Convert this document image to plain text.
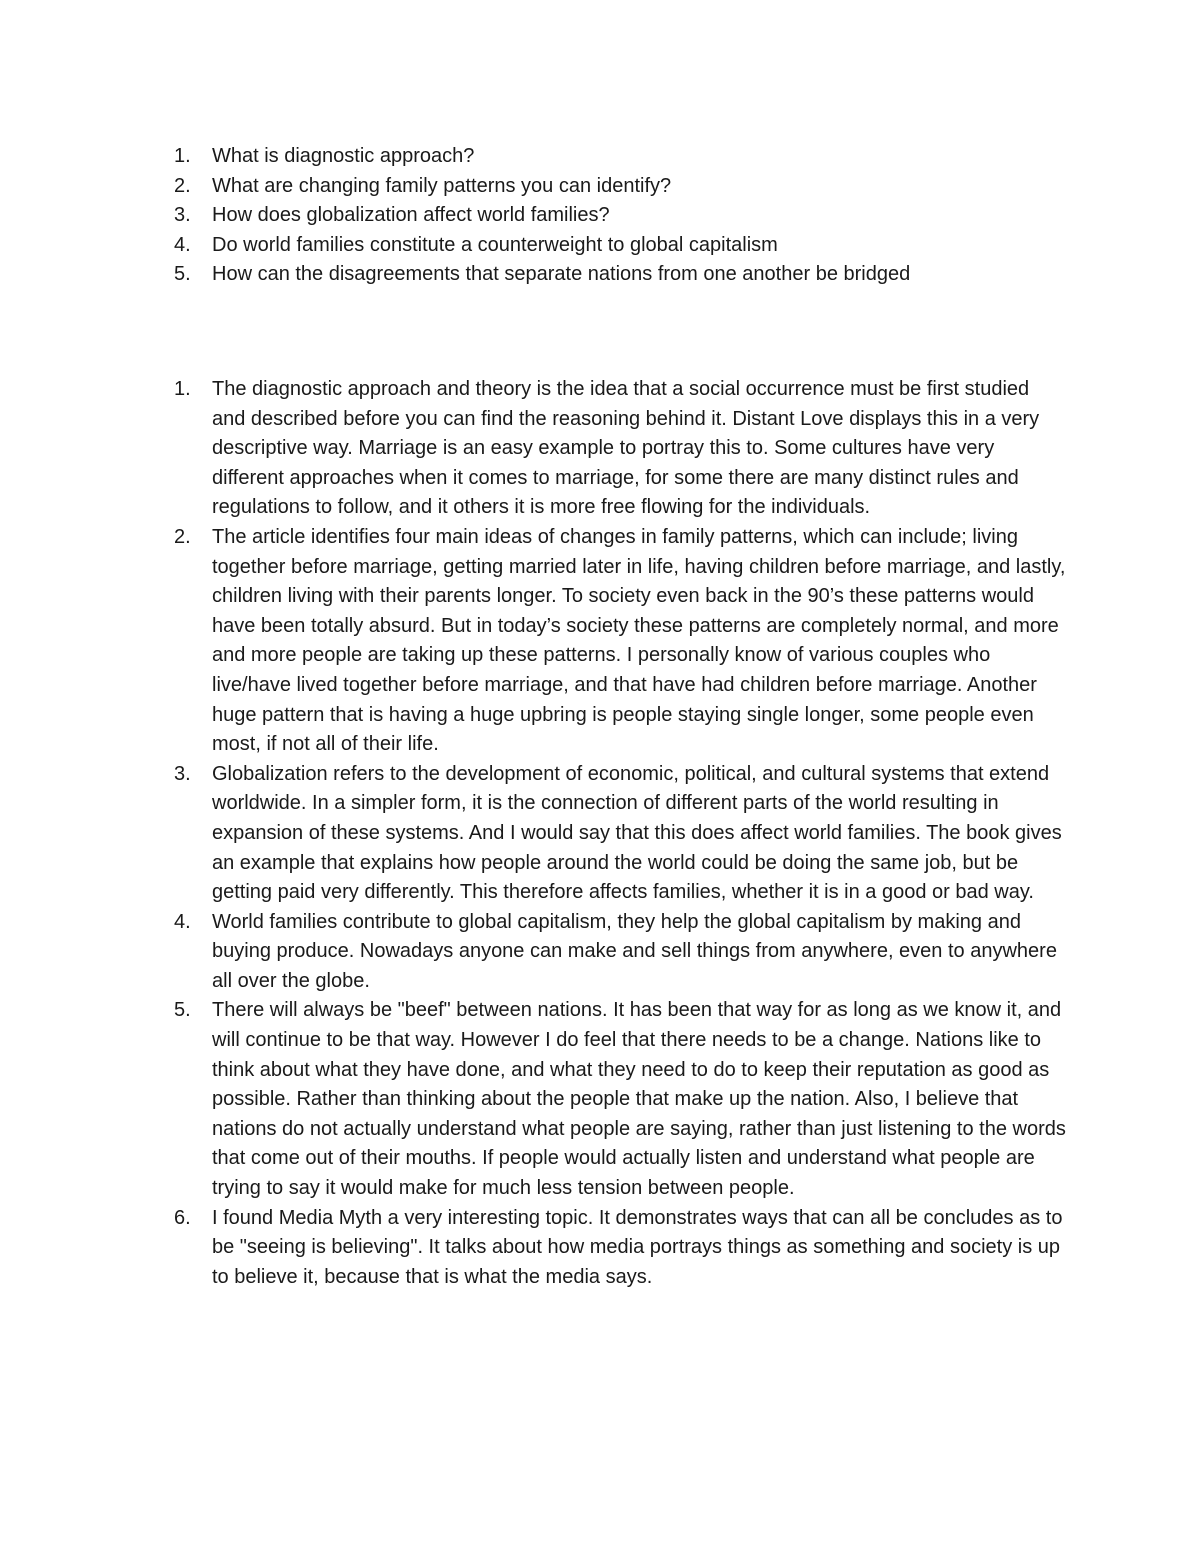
1. What is diagnostic approach?
2. What are changing family patterns you can identify?
3. How does globalization affect world families?
4. Do world families constitute a counterweight to global capitalism
5. How can the disagreements that separate nations from one another be bridged
1. The diagnostic approach and theory is the idea that a social occurrence must be first studied and described before you can find the reasoning behind it. Distant Love displays this in a very descriptive way. Marriage is an easy example to portray this to. Some cultures have very different approaches when it comes to marriage, for some there are many distinct rules and regulations to follow, and it others it is more free flowing for the individuals.
2. The article identifies four main ideas of changes in family patterns, which can include; living together before marriage, getting married later in life, having children before marriage, and lastly, children living with their parents longer. To society even back in the 90’s these patterns would have been totally absurd. But in today’s society these patterns are completely normal, and more and more people are taking up these patterns. I personally know of various couples who live/have lived together before marriage, and that have had children before marriage. Another huge pattern that is having a huge upbring is people staying single longer, some people even most, if not all of their life.
3. Globalization refers to the development of economic, political, and cultural systems that extend worldwide. In a simpler form, it is the connection of different parts of the world resulting in expansion of these systems. And I would say that this does affect world families. The book gives an example that explains how people around the world could be doing the same job, but be getting paid very differently. This therefore affects families, whether it is in a good or bad way.
4. World families contribute to global capitalism, they help the global capitalism by making and buying produce. Nowadays anyone can make and sell things from anywhere, even to anywhere all over the globe.
5. There will always be "beef" between nations. It has been that way for as long as we know it, and will continue to be that way. However I do feel that there needs to be a change. Nations like to think about what they have done, and what they need to do to keep their reputation as good as possible. Rather than thinking about the people that make up the nation. Also, I believe that nations do not actually understand what people are saying, rather than just listening to the words that come out of their mouths. If people would actually listen and understand what people are trying to say it would make for much less tension between people.
6. I found Media Myth a very interesting topic. It demonstrates ways that can all be concludes as to be "seeing is believing". It talks about how media portrays things as something and society is up to believe it, because that is what the media says.
